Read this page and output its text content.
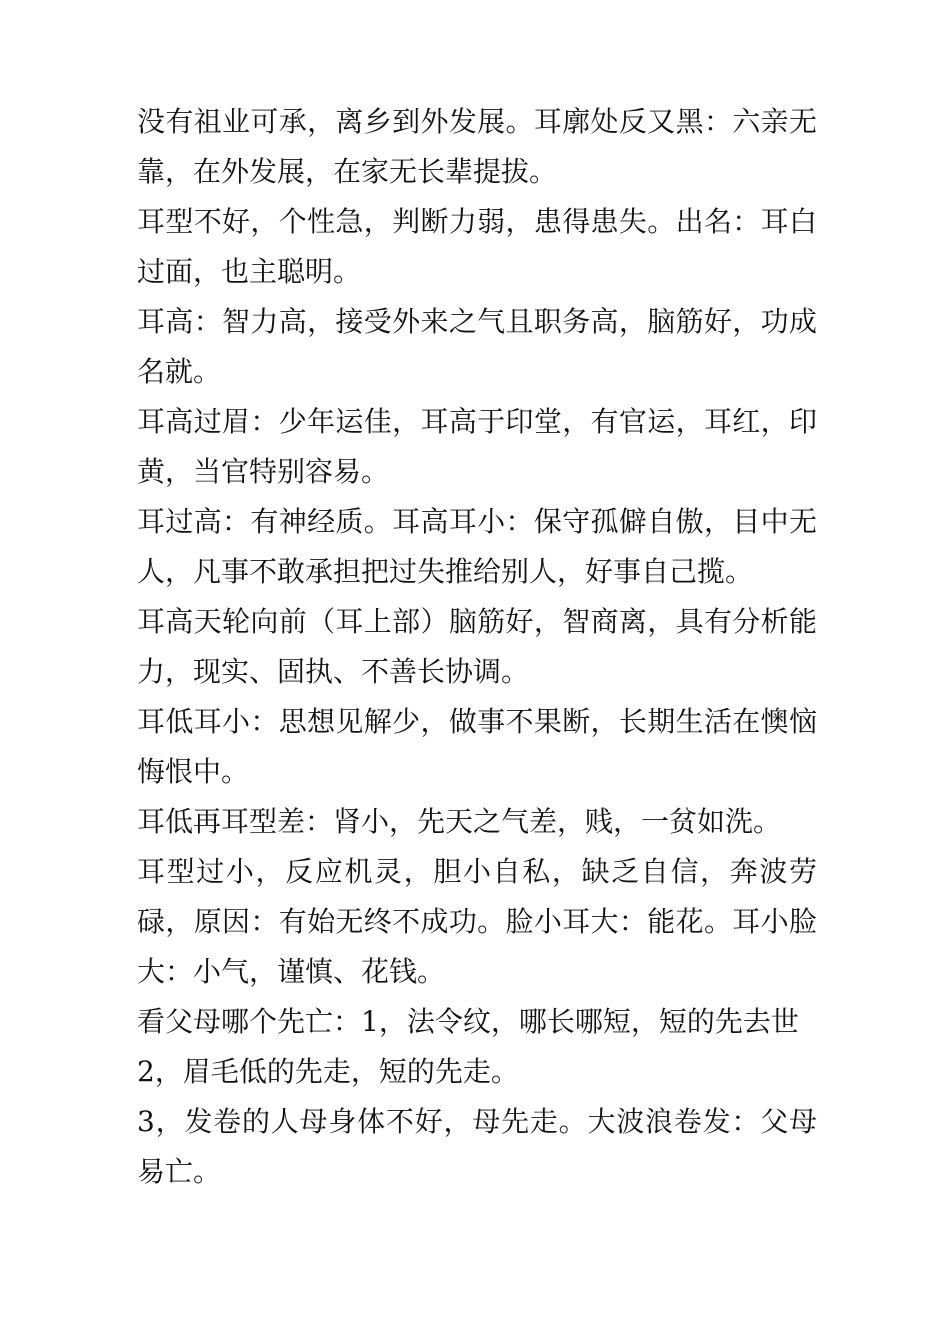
没有祖业可承，离乡到外发展。耳廓处反又黑：六亲无靠，在外发展，在家无长辈提拔。

耳型不好，个性急，判断力弱，患得患失。出名：耳白过面，也主聪明。

耳高：智力高，接受外来之气且职务高，脑筋好，功成名就。

耳高过眉：少年运佳，耳高于印堂，有官运，耳红，印黄，当官特别容易。

耳过高：有神经质。耳高耳小：保守孤僻自傲，目中无人，凡事不敢承担把过失推给别人，好事自己揽。

耳高天轮向前（耳上部）脑筋好，智商离，具有分析能力，现实、固执、不善长协调。

耳低耳小：思想见解少，做事不果断，长期生活在懊恼悔恨中。

耳低再耳型差：肾小，先天之气差，贱，一贫如洗。

耳型过小，反应机灵，胆小自私，缺乏自信，奔波劳碌，原因：有始无终不成功。脸小耳大：能花。耳小脸大：小气，谨慎、花钱。

看父母哪个先亡：1，法令纹，哪长哪短，短的先去世

2，眉毛低的先走，短的先走。

3，发卷的人母身体不好，母先走。大波浪卷发：父母易亡。
